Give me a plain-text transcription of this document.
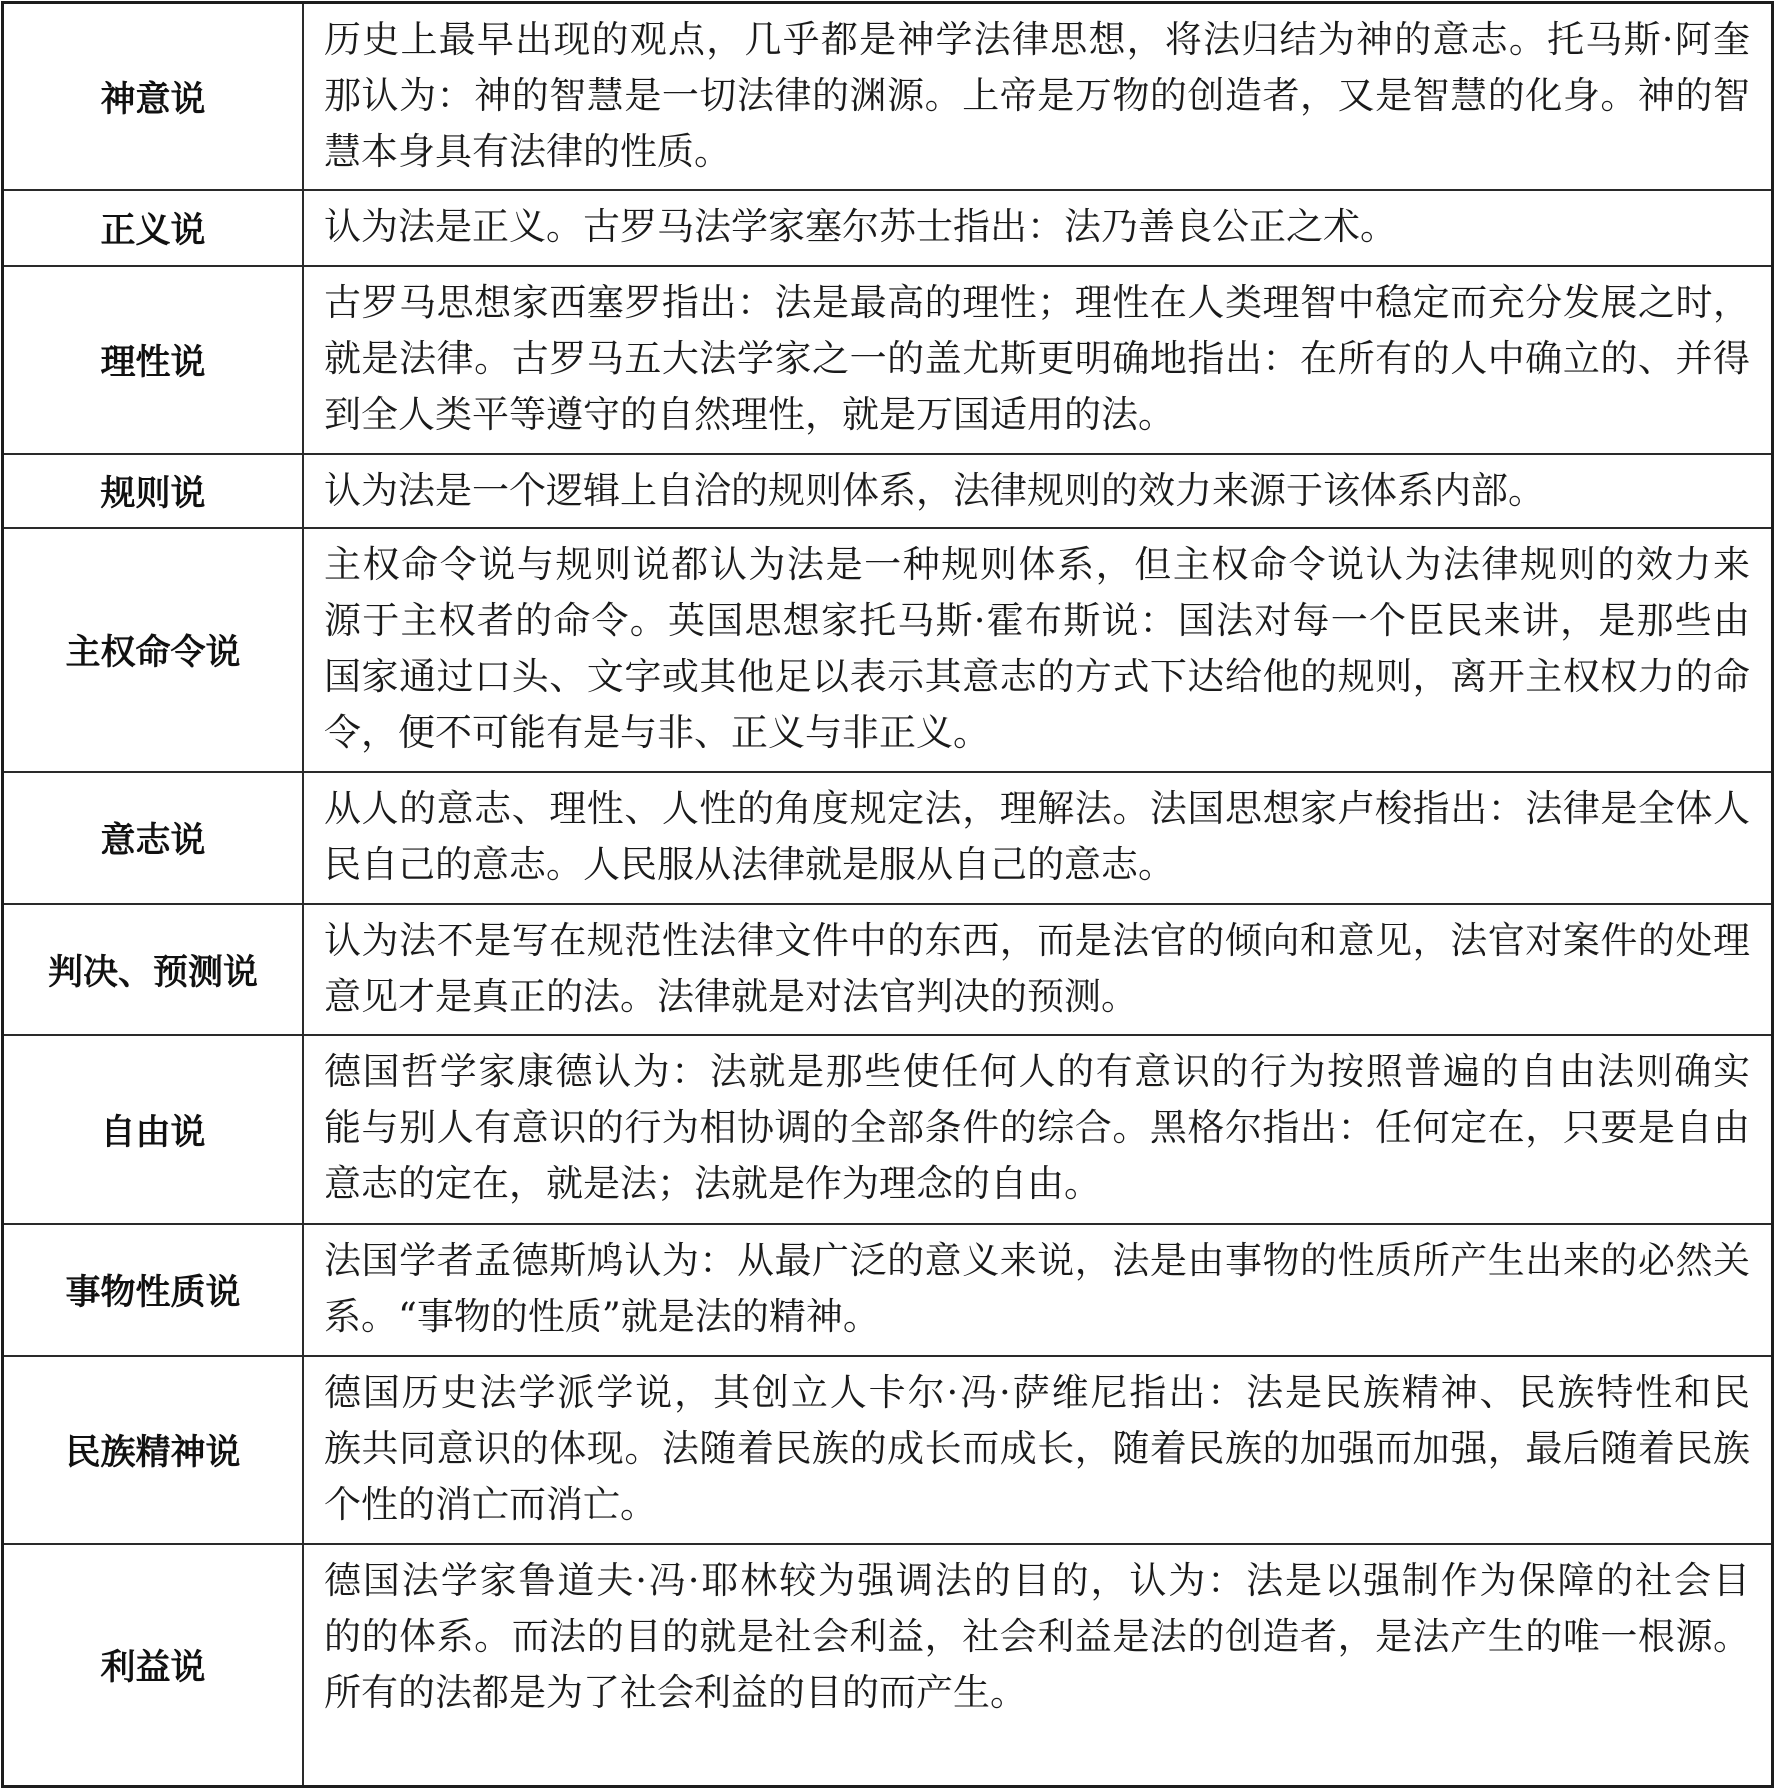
神意说
历史上最早出现的观点，几乎都是神学法律思想，将法归结为神的意志。托马斯·阿奎
那认为：神的智慧是一切法律的渊源。上帝是万物的创造者，又是智慧的化身。神的智
慧本身具有法律的性质。
正义说	认为法是正义。古罗马法学家塞尔苏士指出：法乃善良公正之术。
理性说
古罗马思想家西塞罗指出：法是最高的理性；理性在人类理智中稳定而充分发展之时，
就是法律。古罗马五大法学家之一的盖尤斯更明确地指出：在所有的人中确立的、并得
到全人类平等遵守的自然理性，就是万国适用的法。
规则说	认为法是一个逻辑上自洽的规则体系，法律规则的效力来源于该体系内部。
主权命令说
主权命令说与规则说都认为法是一种规则体系，但主权命令说认为法律规则的效力来
源于主权者的命令。英国思想家托马斯·霍布斯说：国法对每一个臣民来讲，是那些由
国家通过口头、文字或其他足以表示其意志的方式下达给他的规则，离开主权权力的命
令，便不可能有是与非、正义与非正义。
意志说
从人的意志、理性、人性的角度规定法，理解法。法国思想家卢梭指出：法律是全体人
民自己的意志。人民服从法律就是服从自己的意志。
判决、预测说
认为法不是写在规范性法律文件中的东西，而是法官的倾向和意见，法官对案件的处理
意见才是真正的法。法律就是对法官判决的预测。
自由说
德国哲学家康德认为：法就是那些使任何人的有意识的行为按照普遍的自由法则确实
能与别人有意识的行为相协调的全部条件的综合。黑格尔指出：任何定在，只要是自由
意志的定在，就是法；法就是作为理念的自由。
事物性质说
法国学者孟德斯鸠认为：从最广泛的意义来说，法是由事物的性质所产生出来的必然关
系。“事物的性质”就是法的精神。
民族精神说
德国历史法学派学说，其创立人卡尔·冯·萨维尼指出：法是民族精神、民族特性和民
族共同意识的体现。法随着民族的成长而成长，随着民族的加强而加强，最后随着民族
个性的消亡而消亡。
利益说
德国法学家鲁道夫·冯·耶林较为强调法的目的，认为：法是以强制作为保障的社会目
的的体系。而法的目的就是社会利益，社会利益是法的创造者，是法产生的唯一根源。
所有的法都是为了社会利益的目的而产生。
